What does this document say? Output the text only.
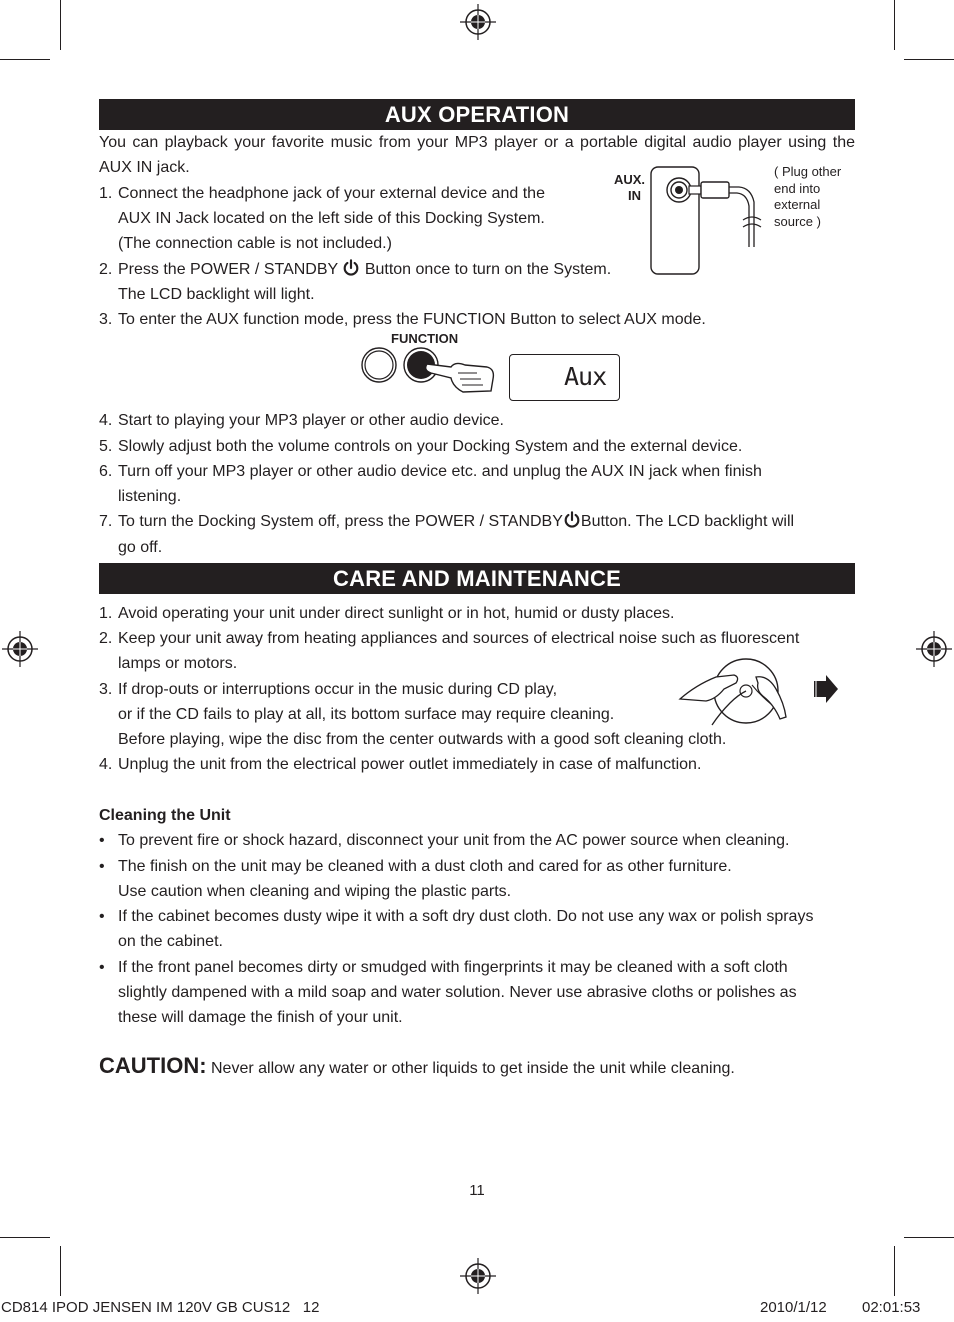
AUX OPERATION
You can playback your favorite music from your MP3 player or a portable digital audio player using the AUX IN jack.
1. Connect the headphone jack of your external device and the
AUX IN Jack located on the left side of this Docking System.
(The connection cable is not included.)
2. Press the POWER / STANDBY Button once to turn on the System.
The LCD backlight will light.
3. To enter the AUX function mode, press the FUNCTION Button to select AUX mode.
AUX.
IN
( Plug other
end into
external
source )
FUNCTION
Aux
4. Start to playing your MP3 player or other audio device.
5. Slowly adjust both the volume controls on your Docking System and the external device.
6. Turn off your MP3 player or other audio device etc. and unplug the AUX IN jack when finish
listening.
7. To turn the Docking System off, press the POWER / STANDBY Button. The LCD backlight will
go off.
CARE AND MAINTENANCE
1. Avoid operating your unit under direct sunlight or in hot, humid or dusty places.
2. Keep your unit away from heating appliances and sources of electrical noise such as fluorescent
lamps or motors.
3. If drop-outs or interruptions occur in the music during CD play,
or if the CD fails to play at all, its bottom surface may require cleaning.
Before playing, wipe the disc from the center outwards with a good soft cleaning cloth.
4. Unplug the unit from the electrical power outlet immediately in case of malfunction.
Cleaning the Unit
• To prevent fire or shock hazard, disconnect your unit from the AC power source when cleaning.
• The finish on the unit may be cleaned with a dust cloth and cared for as other furniture.
Use caution when cleaning and wiping the plastic parts.
• If the cabinet becomes dusty wipe it with a soft dry dust cloth. Do not use any wax or polish sprays
on the cabinet.
• If the front panel becomes dirty or smudged with fingerprints it may be cleaned with a soft cloth
slightly dampened with a mild soap and water solution. Never use abrasive cloths or polishes as
these will damage the finish of your unit.
CAUTION: Never allow any water or other liquids to get inside the unit while cleaning.
11
CD814 IPOD JENSEN IM 120V GB CUS12   12	2010/1/12 02:01:53
